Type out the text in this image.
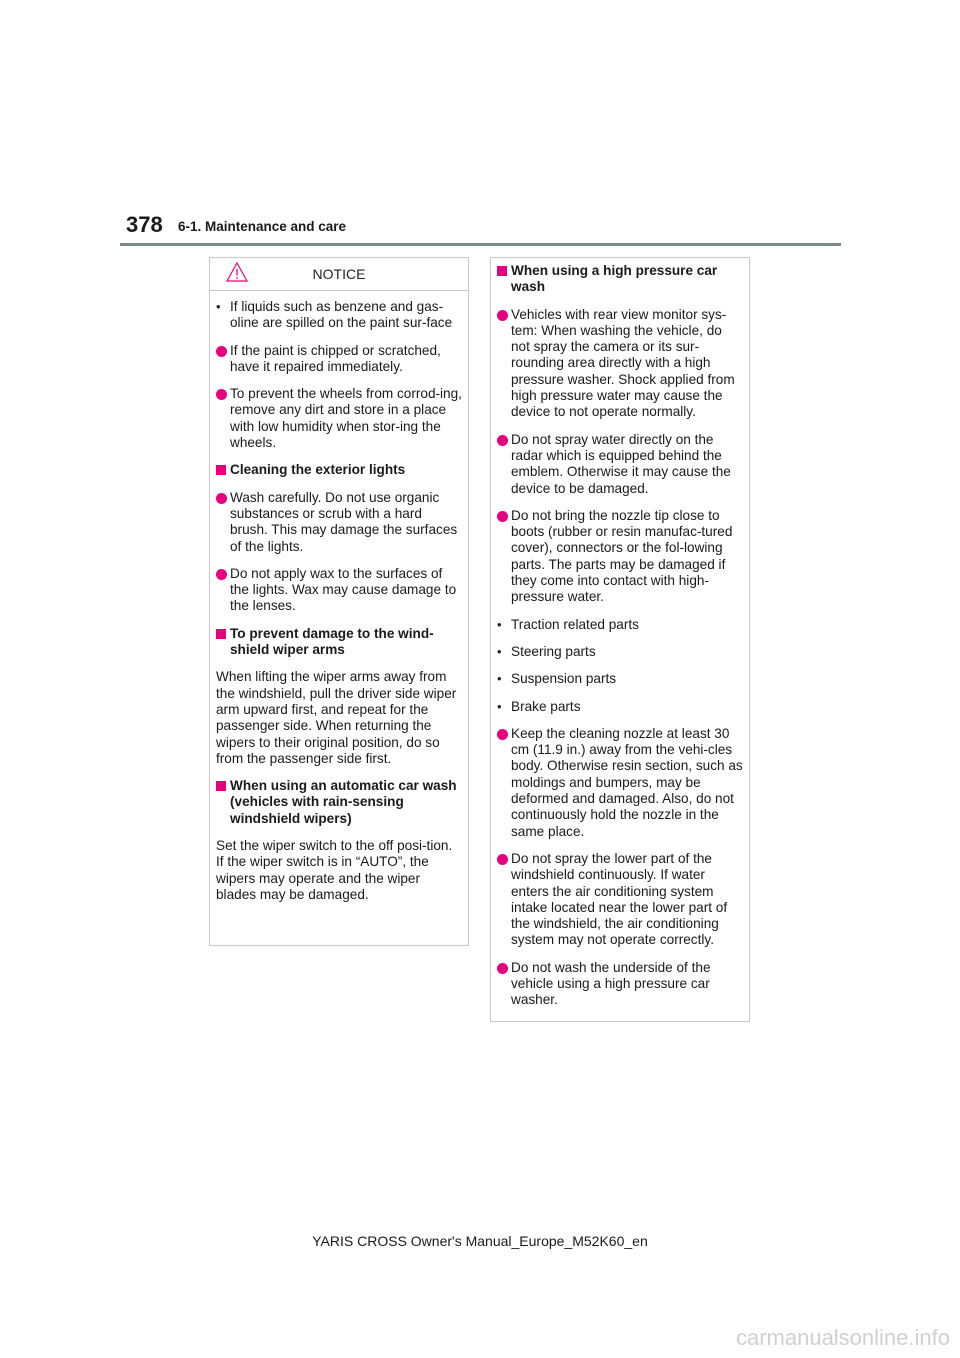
378 6-1. Maintenance and care
NOTICE
• If liquids such as benzene and gas-oline are spilled on the paint sur-face
If the paint is chipped or scratched, have it repaired immediately.
To prevent the wheels from corrod-ing, remove any dirt and store in a place with low humidity when stor-ing the wheels.
Cleaning the exterior lights
Wash carefully. Do not use organic substances or scrub with a hard brush. This may damage the surfaces of the lights.
Do not apply wax to the surfaces of the lights. Wax may cause damage to the lenses.
To prevent damage to the wind-shield wiper arms
When lifting the wiper arms away from the windshield, pull the driver side wiper arm upward first, and repeat for the passenger side. When returning the wipers to their original position, do so from the passenger side first.
When using an automatic car wash (vehicles with rain-sensing windshield wipers)
Set the wiper switch to the off posi-tion. If the wiper switch is in “AUTO”, the wipers may operate and the wiper blades may be damaged.
When using a high pressure car wash
Vehicles with rear view monitor sys-tem: When washing the vehicle, do not spray the camera or its sur-rounding area directly with a high pressure washer. Shock applied from high pressure water may cause the device to not operate normally.
Do not spray water directly on the radar which is equipped behind the emblem. Otherwise it may cause the device to be damaged.
Do not bring the nozzle tip close to boots (rubber or resin manufac-tured cover), connectors or the fol-lowing parts. The parts may be damaged if they come into contact with high-pressure water.
• Traction related parts
• Steering parts
• Suspension parts
• Brake parts
Keep the cleaning nozzle at least 30 cm (11.9 in.) away from the vehi-cles body. Otherwise resin section, such as moldings and bumpers, may be deformed and damaged. Also, do not continuously hold the nozzle in the same place.
Do not spray the lower part of the windshield continuously. If water enters the air conditioning system intake located near the lower part of the windshield, the air conditioning system may not operate correctly.
Do not wash the underside of the vehicle using a high pressure car washer.
YARIS CROSS Owner's Manual_Europe_M52K60_en
carmanualsonline.info
